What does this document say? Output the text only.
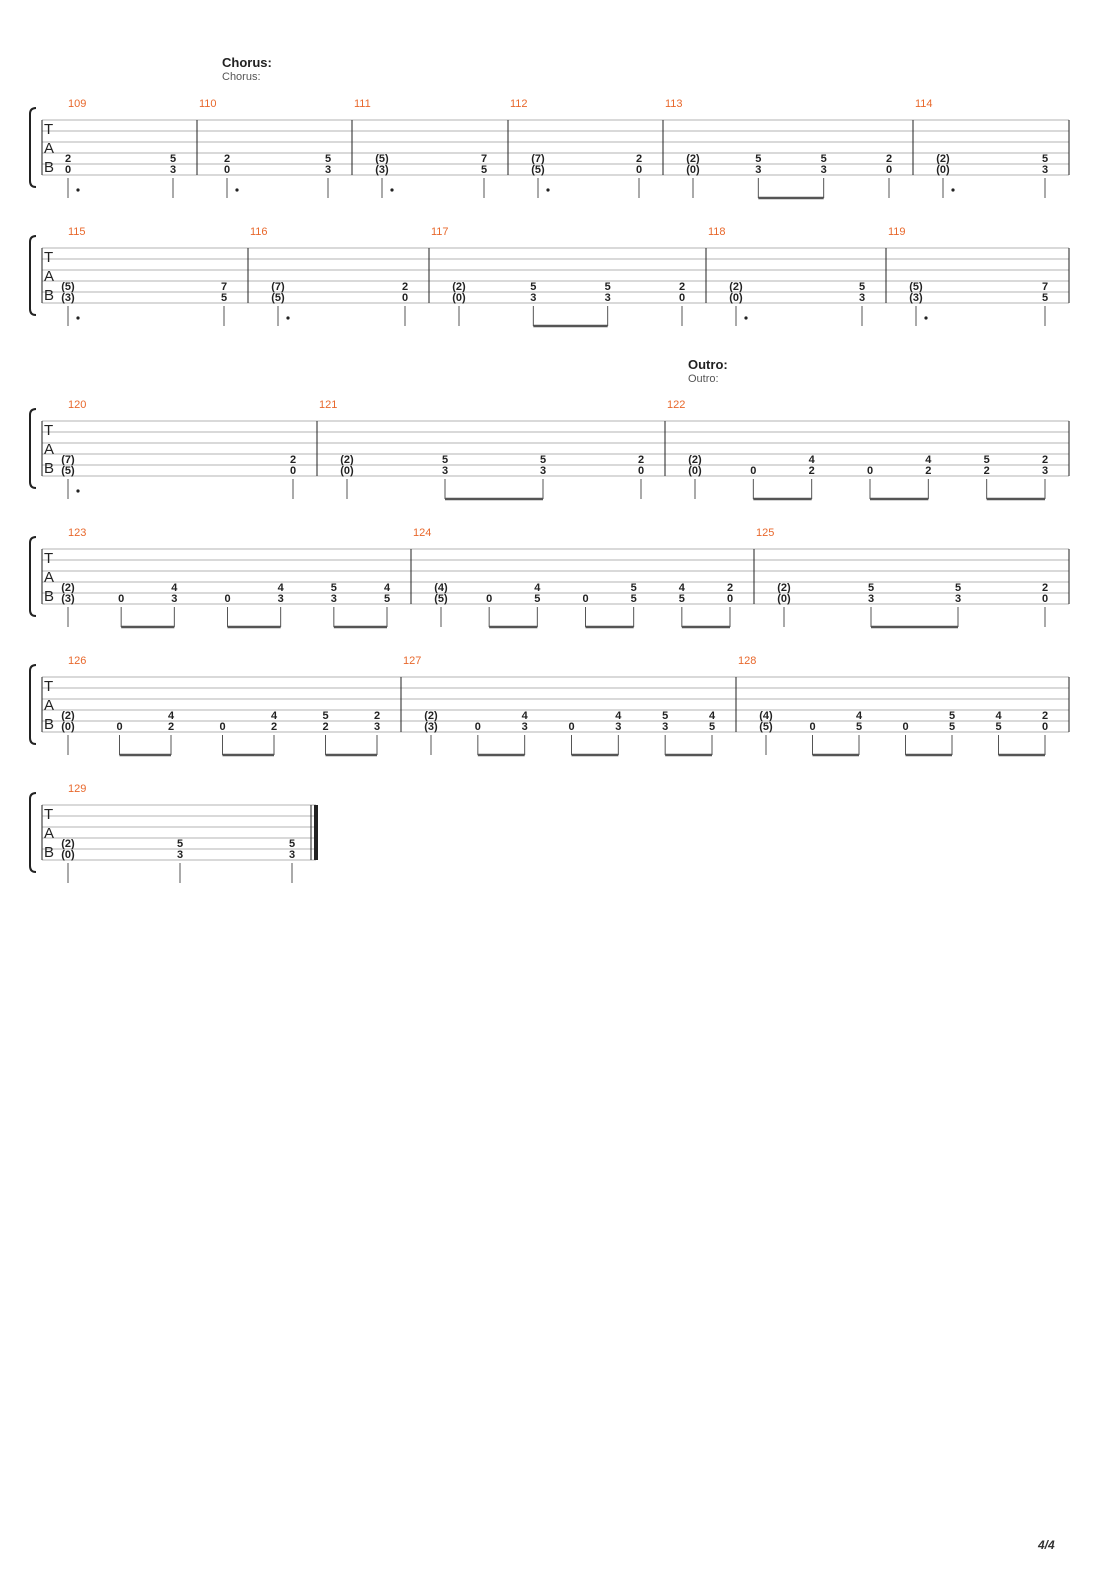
Chorus:
Chorus:
Outro:
Outro:
T
A
B
109
2
0
5
3
110
2
0
5
3
111
(5)
(3)
7
5
112
(7)
(5)
2
0
113
(2)
(0)
5
3
5
3
2
0
114
(2)
(0)
5
3
T
A
B
115
(5)
(3)
7
5
116
(7)
(5)
2
0
117
(2)
(0)
5
3
5
3
2
0
118
(2)
(0)
5
3
119
(5)
(3)
7
5
T
A
B
120
(7)
(5)
2
0
121
(2)
(0)
5
3
5
3
2
0
122
(2)
(0)	0
4
2	0
4
2
5
2
2
3
T
A
B
123
(2)
(3)	0
4
3	0
4
3
5
3
4
5
124
(4)
(5)	0
4
5	0
5
5
4
5
2
0
125
(2)
(0)
5
3
5
3
2
0
T
A
B
126
(2)
(0)	0
4
2	0
4
2
5
2
2
3
127
(2)
(3)	0
4
3	0
4
3
5
3
4
5
128
(4)
(5)	0
4
5	0
5
5
4
5
2
0
T
A
B
129
(2)
(0)
5
3
5
3
4/4
